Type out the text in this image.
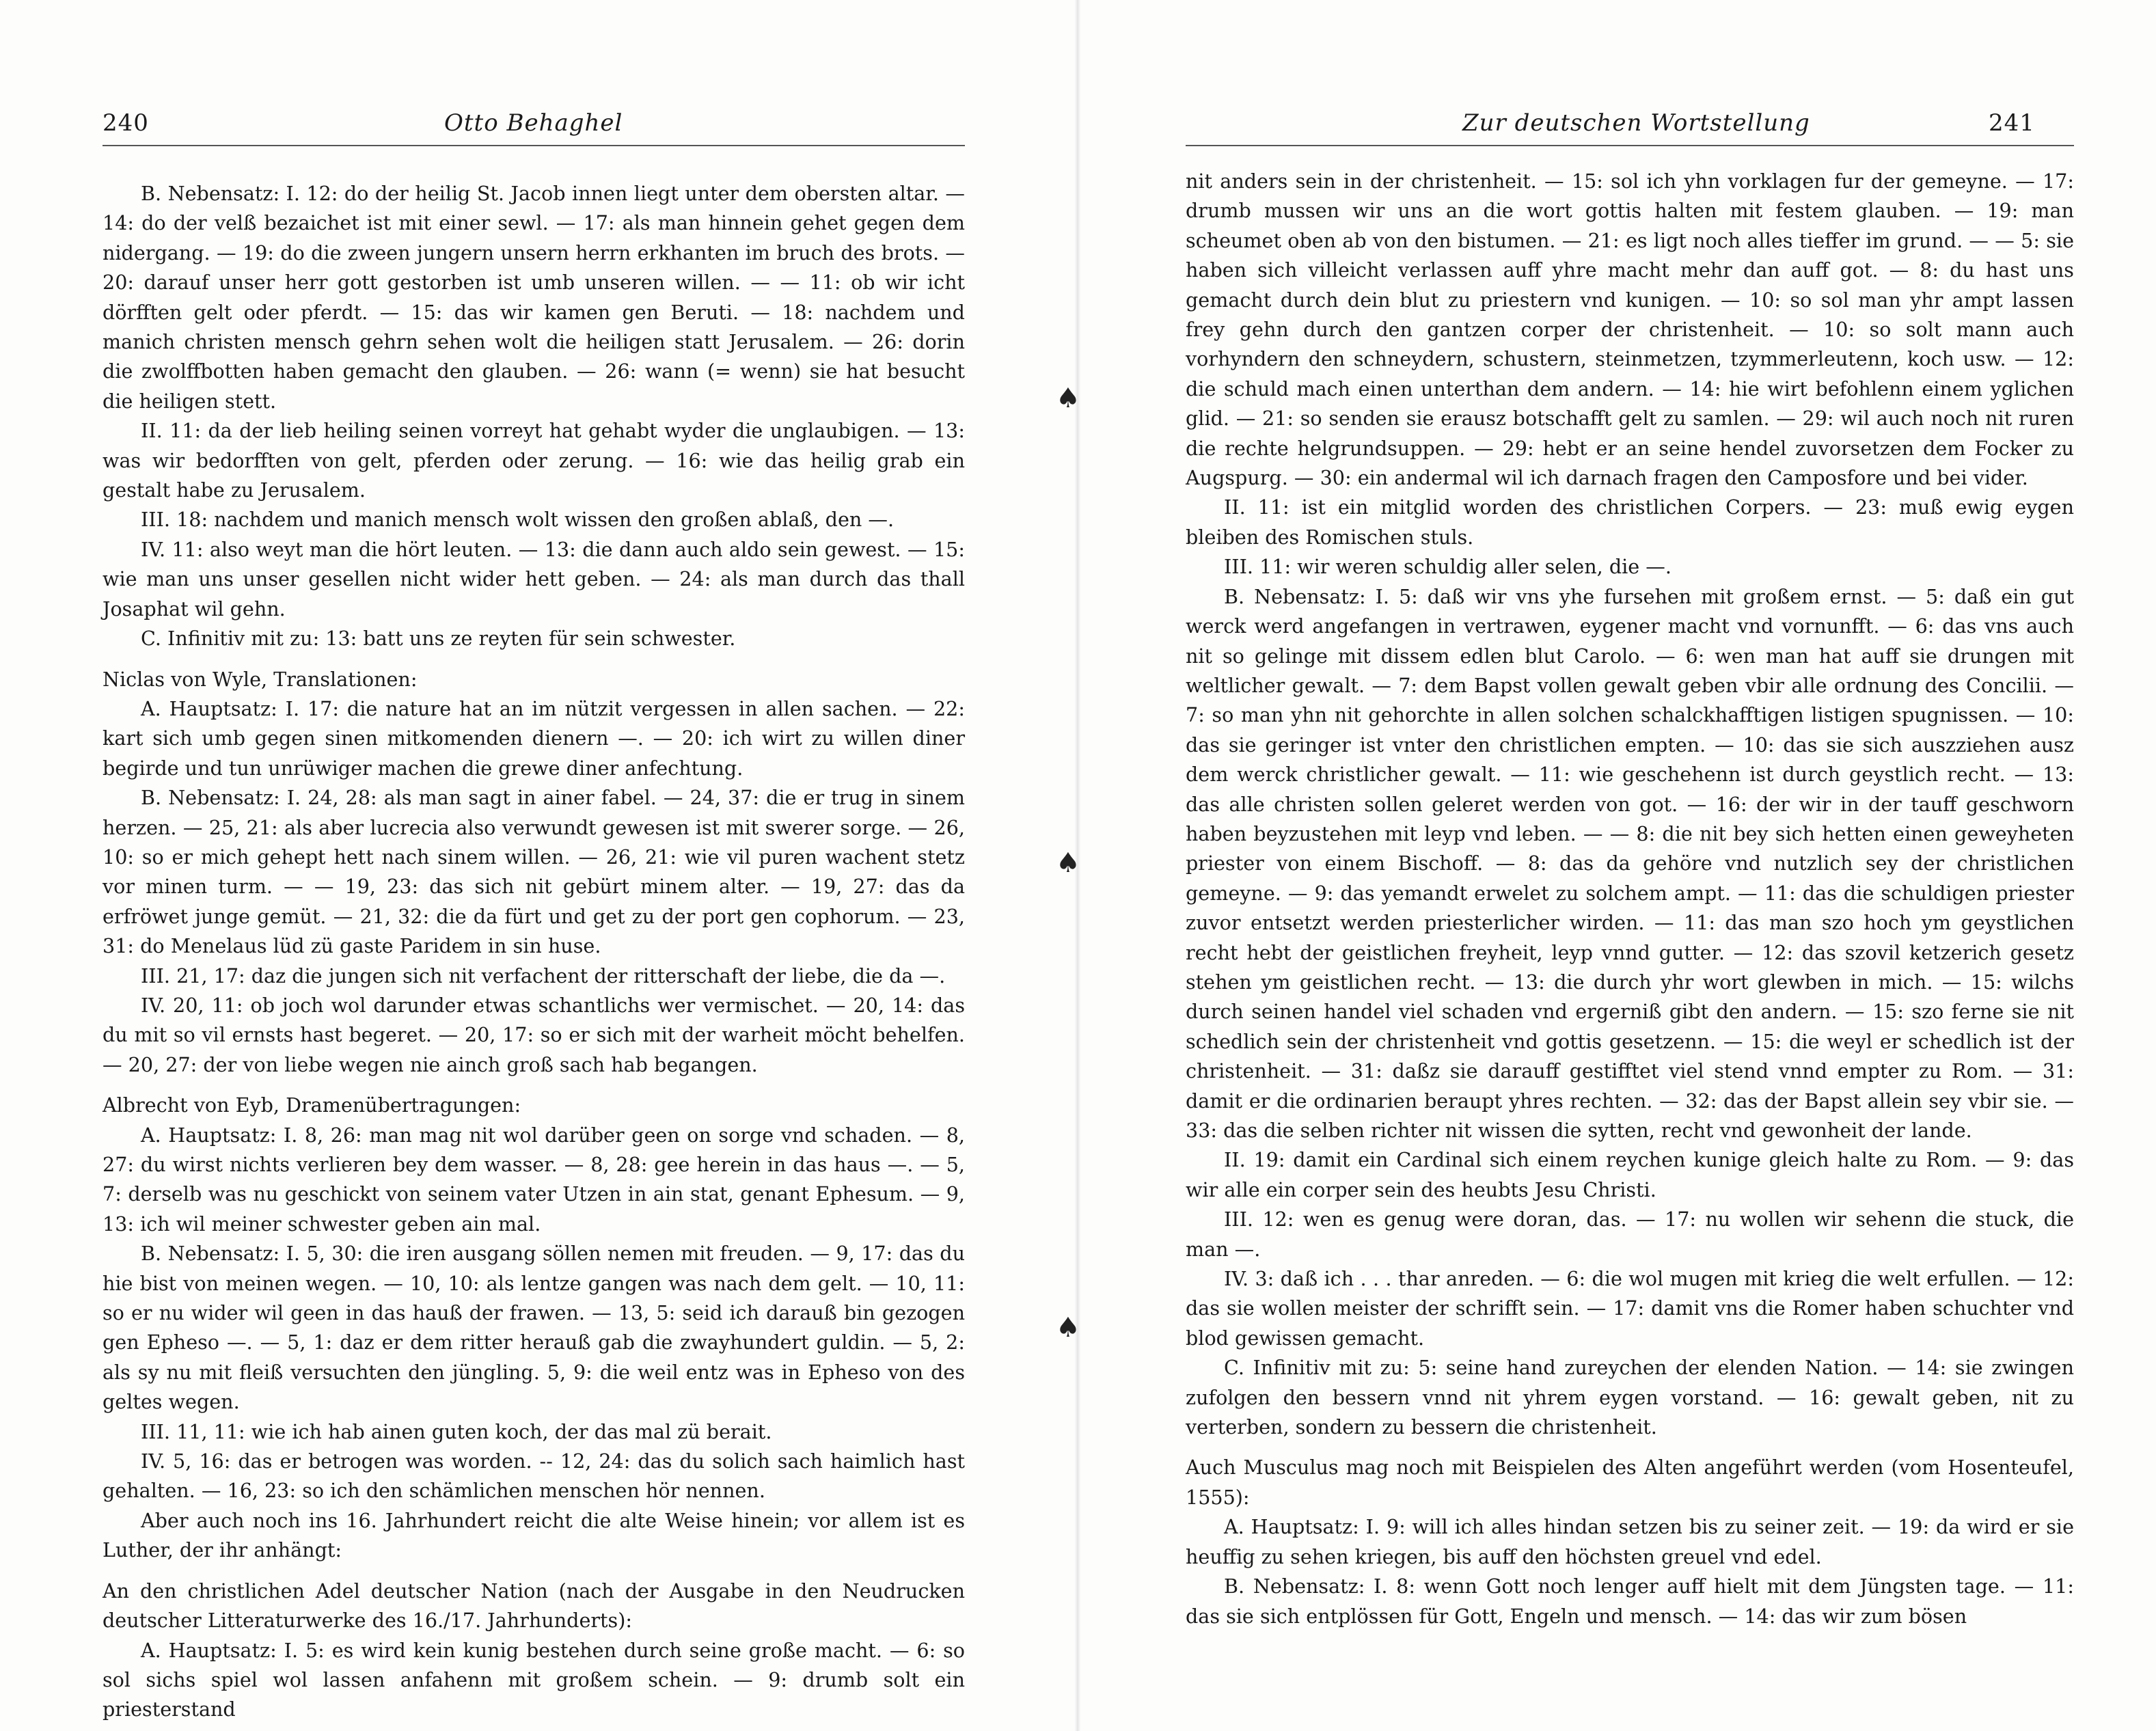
240	Otto Behaghel

B. Nebensatz: I. 12: do der heilig St. Jacob innen liegt unter dem obersten altar. — 14: do der velß bezaichet ist mit einer sewl. — 17: als man hinnein gehet gegen dem nidergang. — 19: do die zween jungern unsern herrn erkhanten im bruch des brots. — 20: darauf unser herr gott gestorben ist umb unseren willen. — — 11: ob wir icht dörfften gelt oder pferdt. — 15: das wir kamen gen Beruti. — 18: nachdem und manich christen mensch gehrn sehen wolt die heiligen statt Jerusalem. — 26: dorin die zwolffbotten haben gemacht den glauben. — 26: wann (= wenn) sie hat besucht die heiligen stett.

II. 11: da der lieb heiling seinen vorreyt hat gehabt wyder die unglaubigen. — 13: was wir bedorfften von gelt, pferden oder zerung. — 16: wie das heilig grab ein gestalt habe zu Jerusalem.

III. 18: nachdem und manich mensch wolt wissen den großen ablaß, den —.

IV. 11: also weyt man die hört leuten. — 13: die dann auch aldo sein gewest. — 15: wie man uns unser gesellen nicht wider hett geben. — 24: als man durch das thall Josaphat wil gehn.

C. Infinitiv mit zu: 13: batt uns ze reyten für sein schwester.

Niclas von Wyle, Translationen:

A. Hauptsatz: I. 17: die nature hat an im nützit vergessen in allen sachen. — 22: kart sich umb gegen sinen mitkomenden dienern —. — 20: ich wirt zu willen diner begirde und tun unrüwiger machen die grewe diner anfechtung.

B. Nebensatz: I. 24, 28: als man sagt in ainer fabel. — 24, 37: die er trug in sinem herzen. — 25, 21: als aber lucrecia also verwundt gewesen ist mit swerer sorge. — 26, 10: so er mich gehept hett nach sinem willen. — 26, 21: wie vil puren wachent stetz vor minen turm. — — 19, 23: das sich nit gebürt minem alter. — 19, 27: das da erfröwet junge gemüt. — 21, 32: die da fürt und get zu der port gen cophorum. — 23, 31: do Menelaus lüd zü gaste Paridem in sin huse.

III. 21, 17: daz die jungen sich nit verfachent der ritterschaft der liebe, die da —.

IV. 20, 11: ob joch wol darunder etwas schantlichs wer vermischet. — 20, 14: das du mit so vil ernsts hast begeret. — 20, 17: so er sich mit der warheit möcht behelfen. — 20, 27: der von liebe wegen nie ainch groß sach hab begangen.

Albrecht von Eyb, Dramenübertragungen:

A. Hauptsatz: I. 8, 26: man mag nit wol darüber geen on sorge vnd schaden. — 8, 27: du wirst nichts verlieren bey dem wasser. — 8, 28: gee herein in das haus —. — 5, 7: derselb was nu geschickt von seinem vater Utzen in ain stat, genant Ephesum. — 9, 13: ich wil meiner schwester geben ain mal.

B. Nebensatz: I. 5, 30: die iren ausgang söllen nemen mit freuden. — 9, 17: das du hie bist von meinen wegen. — 10, 10: als lentze gangen was nach dem gelt. — 10, 11: so er nu wider wil geen in das hauß der frawen. — 13, 5: seid ich darauß bin gezogen gen Epheso —. — 5, 1: daz er dem ritter herauß gab die zwayhundert guldin. — 5, 2: als sy nu mit fleiß versuchten den jüngling. 5, 9: die weil entz was in Epheso von des geltes wegen.

III. 11, 11: wie ich hab ainen guten koch, der das mal zü berait.

IV. 5, 16: das er betrogen was worden. -- 12, 24: das du solich sach haimlich hast gehalten. — 16, 23: so ich den schämlichen menschen hör nennen.

Aber auch noch ins 16. Jahrhundert reicht die alte Weise hinein; vor allem ist es Luther, der ihr anhängt:

An den christlichen Adel deutscher Nation (nach der Ausgabe in den Neudrucken deutscher Litteraturwerke des 16./17. Jahrhunderts):

A. Hauptsatz: I. 5: es wird kein kunig bestehen durch seine große macht. — 6: so sol sichs spiel wol lassen anfahenn mit großem schein. — 9: drumb solt ein priesterstand

Zur deutschen Wortstellung	241

nit anders sein in der christenheit. — 15: sol ich yhn vorklagen fur der gemeyne. — 17: drumb mussen wir uns an die wort gottis halten mit festem glauben. — 19: man scheumet oben ab von den bistumen. — 21: es ligt noch alles tieffer im grund. — — 5: sie haben sich villeicht verlassen auff yhre macht mehr dan auff got. — 8: du hast uns gemacht durch dein blut zu priestern vnd kunigen. — 10: so sol man yhr ampt lassen frey gehn durch den gantzen corper der christenheit. — 10: so solt mann auch vorhyndern den schneydern, schustern, steinmetzen, tzymmerleutenn, koch usw. — 12: die schuld mach einen unterthan dem andern. — 14: hie wirt befohlenn einem yglichen glid. — 21: so senden sie erausz botschafft gelt zu samlen. — 29: wil auch noch nit ruren die rechte helgrundsuppen. — 29: hebt er an seine hendel zuvorsetzen dem Focker zu Augspurg. — 30: ein andermal wil ich darnach fragen den Camposfore und bei vider.

II. 11: ist ein mitglid worden des christlichen Corpers. — 23: muß ewig eygen bleiben des Romischen stuls.

III. 11: wir weren schuldig aller selen, die —.

B. Nebensatz: I. 5: daß wir vns yhe fursehen mit großem ernst. — 5: daß ein gut werck werd angefangen in vertrawen, eygener macht vnd vornunfft. — 6: das vns auch nit so gelinge mit dissem edlen blut Carolo. — 6: wen man hat auff sie drungen mit weltlicher gewalt. — 7: dem Bapst vollen gewalt geben vbir alle ordnung des Concilii. — 7: so man yhn nit gehorchte in allen solchen schalckhafftigen listigen spugnissen. — 10: das sie geringer ist vnter den christlichen empten. — 10: das sie sich auszziehen ausz dem werck christlicher gewalt. — 11: wie geschehenn ist durch geystlich recht. — 13: das alle christen sollen geleret werden von got. — 16: der wir in der tauff geschworn haben beyzustehen mit leyp vnd leben. — — 8: die nit bey sich hetten einen geweyheten priester von einem Bischoff. — 8: das da gehöre vnd nutzlich sey der christlichen gemeyne. — 9: das yemandt erwelet zu solchem ampt. — 11: das die schuldigen priester zuvor entsetzt werden priesterlicher wirden. — 11: das man szo hoch ym geystlichen recht hebt der geistlichen freyheit, leyp vnnd gutter. — 12: das szovil ketzerich gesetz stehen ym geistlichen recht. — 13: die durch yhr wort glewben in mich. — 15: wilchs durch seinen handel viel schaden vnd ergerniß gibt den andern. — 15: szo ferne sie nit schedlich sein der christenheit vnd gottis gesetzenn. — 15: die weyl er schedlich ist der christenheit. — 31: daßz sie darauff gestifftet viel stend vnnd empter zu Rom. — 31: damit er die ordinarien beraupt yhres rechten. — 32: das der Bapst allein sey vbir sie. — 33: das die selben richter nit wissen die sytten, recht vnd gewonheit der lande.

II. 19: damit ein Cardinal sich einem reychen kunige gleich halte zu Rom. — 9: das wir alle ein corper sein des heubts Jesu Christi.

III. 12: wen es genug were doran, das. — 17: nu wollen wir sehenn die stuck, die man —.

IV. 3: daß ich . . . thar anreden. — 6: die wol mugen mit krieg die welt erfullen. — 12: das sie wollen meister der schrifft sein. — 17: damit vns die Romer haben schuchter vnd blod gewissen gemacht.

C. Infinitiv mit zu: 5: seine hand zureychen der elenden Nation. — 14: sie zwingen zufolgen den bessern vnnd nit yhrem eygen vorstand. — 16: gewalt geben, nit zu verterben, sondern zu bessern die christenheit.

Auch Musculus mag noch mit Beispielen des Alten angeführt werden (vom Hosenteufel, 1555):

A. Hauptsatz: I. 9: will ich alles hindan setzen bis zu seiner zeit. — 19: da wird er sie heuffig zu sehen kriegen, bis auff den höchsten greuel vnd edel.

B. Nebensatz: I. 8: wenn Gott noch lenger auff hielt mit dem Jüngsten tage. — 11: das sie sich entplössen für Gott, Engeln und mensch. — 14: das wir zum bösen

♠
♠
♠
